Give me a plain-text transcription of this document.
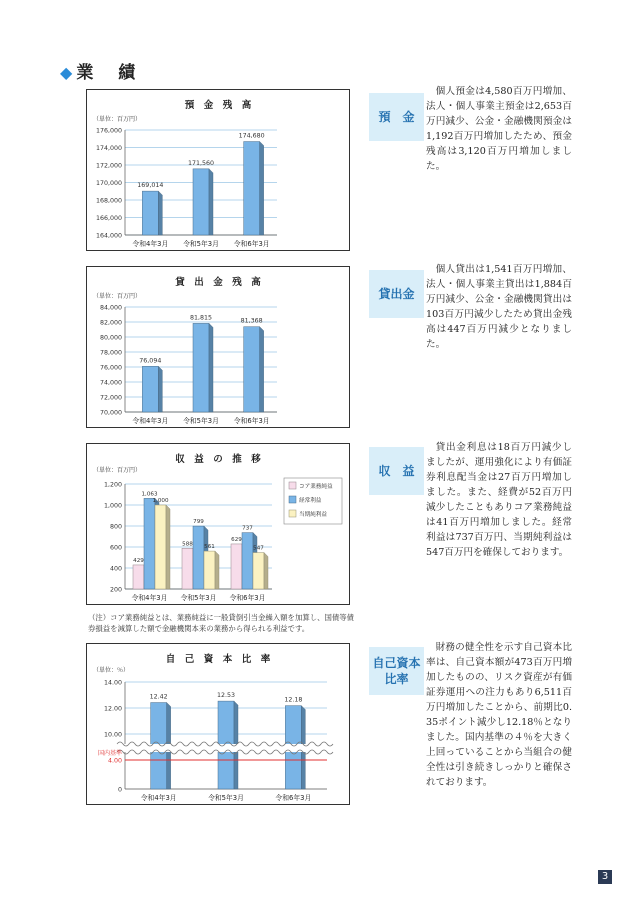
◆ 業　績
預　金　残　高
（単位：百万円）
164,000
166,000
168,000
170,000
172,000
174,000
176,000
169,014
令和4年3月
171,560
令和5年3月
174,680
令和6年3月
預　金
個人預金は4,580百万円増加、法人・個人事業主預金は2,653百万円減少、公金・金融機関預金は1,192百万円増加したため、預金残高は3,120百万円増加しました。
貸　出　金　残　高
（単位：百万円）
70,000
72,000
74,000
76,000
78,000
80,000
82,000
84,000
76,094
令和4年3月
81,815
令和5年3月
81,368
令和6年3月
貸出金
個人貸出は1,541百万円増加、法人・個人事業主貸出は1,884百万円減少、公金・金融機関貸出は103百万円減少したため貸出金残高は447百万円減少となりました。
収　益　の　推　移
（単位：百万円）
200
400
600
800
1,000
1,200
429
1,063
1,000
令和4年3月
588
799
561
令和5年3月
629
737
547
令和6年3月
コア業務純益
経常利益
当期純利益
収　益
貸出金利息は18百万円減少しましたが、運用強化により有価証券利息配当金は27百万円増加しました。また、経費が52百万円減少したこともありコア業務純益は41百万円増加しました。経常利益は737百万円、当期純利益は547百万円を確保しております。
（注）コア業務純益とは、業務純益に一般貸倒引当金繰入額を加算し、国債等債券損益を減算した額で金融機関本来の業務から得られる利益です。
自　己　資　本　比　率
（単位：％）
0
4.00
10.00
12.00
14.00
12.42
令和4年3月
12.53
令和5年3月
12.18
令和6年3月
国内基準
自己資本
比率
財務の健全性を示す自己資本比率は、自己資本額が473百万円増加したものの、リスク資産が有価証券運用への注力もあり6,511百万円増加したことから、前期比0.35ポイント減少し12.18％となりました。国内基準の４％を大きく上回っていることから当組合の健全性は引き続きしっかりと確保されております。
3
